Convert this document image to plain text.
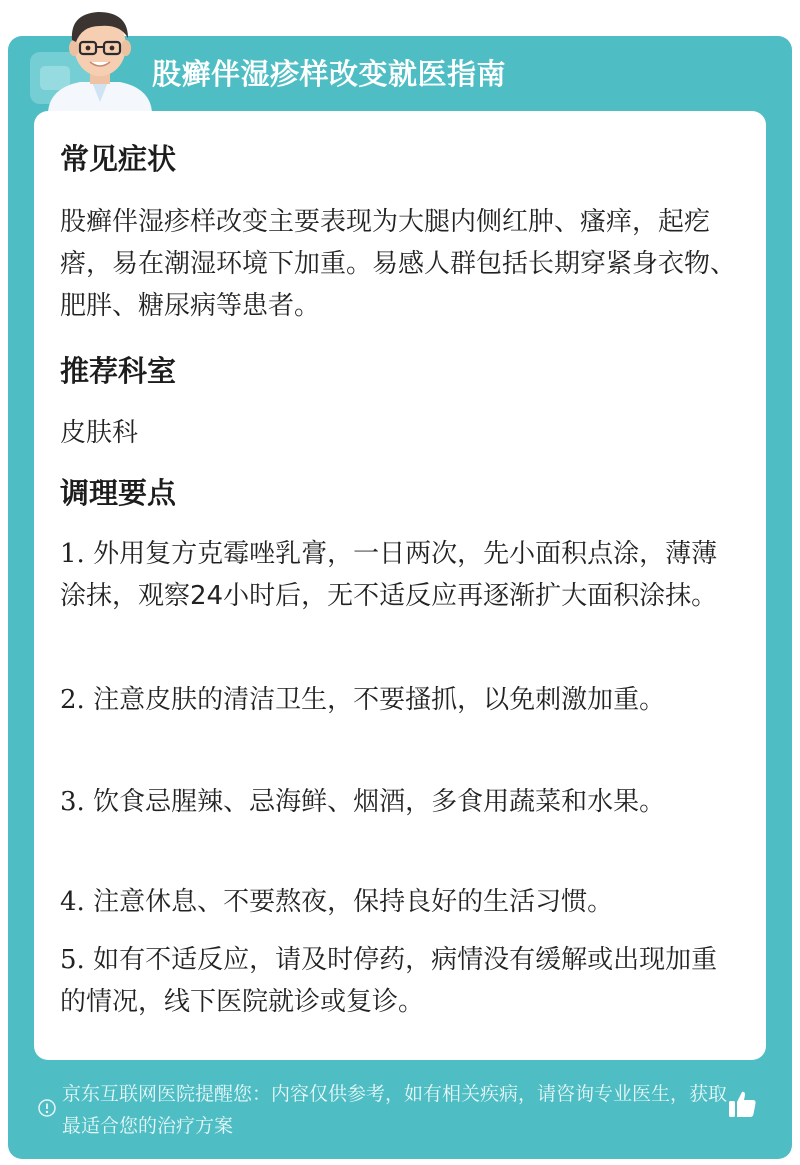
股癣伴湿疹样改变就医指南
常见症状
股癣伴湿疹样改变主要表现为大腿内侧红肿、瘙痒，起疙瘩，易在潮湿环境下加重。易感人群包括长期穿紧身衣物、肥胖、糖尿病等患者。
推荐科室
皮肤科
调理要点
1. 外用复方克霉唑乳膏，一日两次，先小面积点涂，薄薄涂抹，观察24小时后，无不适反应再逐渐扩大面积涂抹。
2. 注意皮肤的清洁卫生，不要搔抓，以免刺激加重。
3. 饮食忌腥辣、忌海鲜、烟酒，多食用蔬菜和水果。
4. 注意休息、不要熬夜，保持良好的生活习惯。
5. 如有不适反应，请及时停药，病情没有缓解或出现加重的情况，线下医院就诊或复诊。
京东互联网医院提醒您：内容仅供参考，如有相关疾病，请咨询专业医生，获取最适合您的治疗方案
